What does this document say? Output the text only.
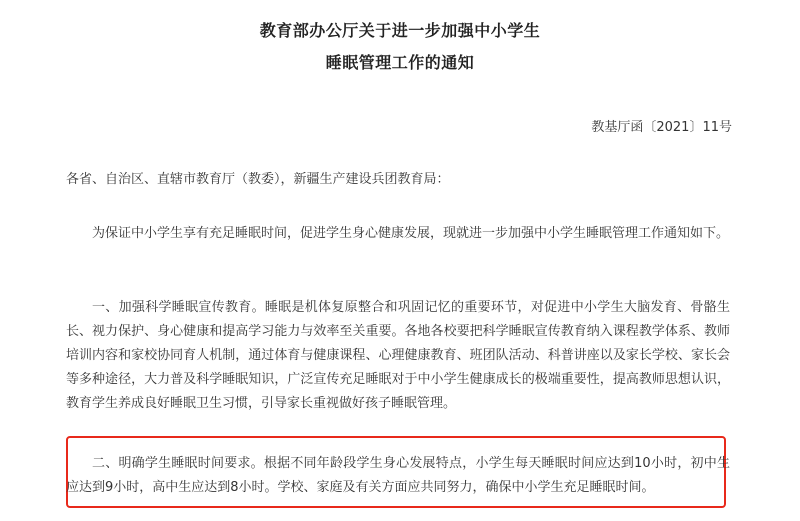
教育部办公厅关于进一步加强中小学生
睡眠管理工作的通知
教基厅函〔2021〕11号

各省、自治区、直辖市教育厅（教委），新疆生产建设兵团教育局：

为保证中小学生享有充足睡眠时间，促进学生身心健康发展，现就进一步加强中小学生睡眠管理工作通知如下。

一、加强科学睡眠宣传教育。睡眠是机体复原整合和巩固记忆的重要环节，对促进中小学生大脑发育、骨骼生长、视力保护、身心健康和提高学习能力与效率至关重要。各地各校要把科学睡眠宣传教育纳入课程教学体系、教师培训内容和家校协同育人机制，通过体育与健康课程、心理健康教育、班团队活动、科普讲座以及家长学校、家长会等多种途径，大力普及科学睡眠知识，广泛宣传充足睡眠对于中小学生健康成长的极端重要性，提高教师思想认识，教育学生养成良好睡眠卫生习惯，引导家长重视做好孩子睡眠管理。

二、明确学生睡眠时间要求。根据不同年龄段学生身心发展特点，小学生每天睡眠时间应达到10小时，初中生应达到9小时，高中生应达到8小时。学校、家庭及有关方面应共同努力，确保中小学生充足睡眠时间。
